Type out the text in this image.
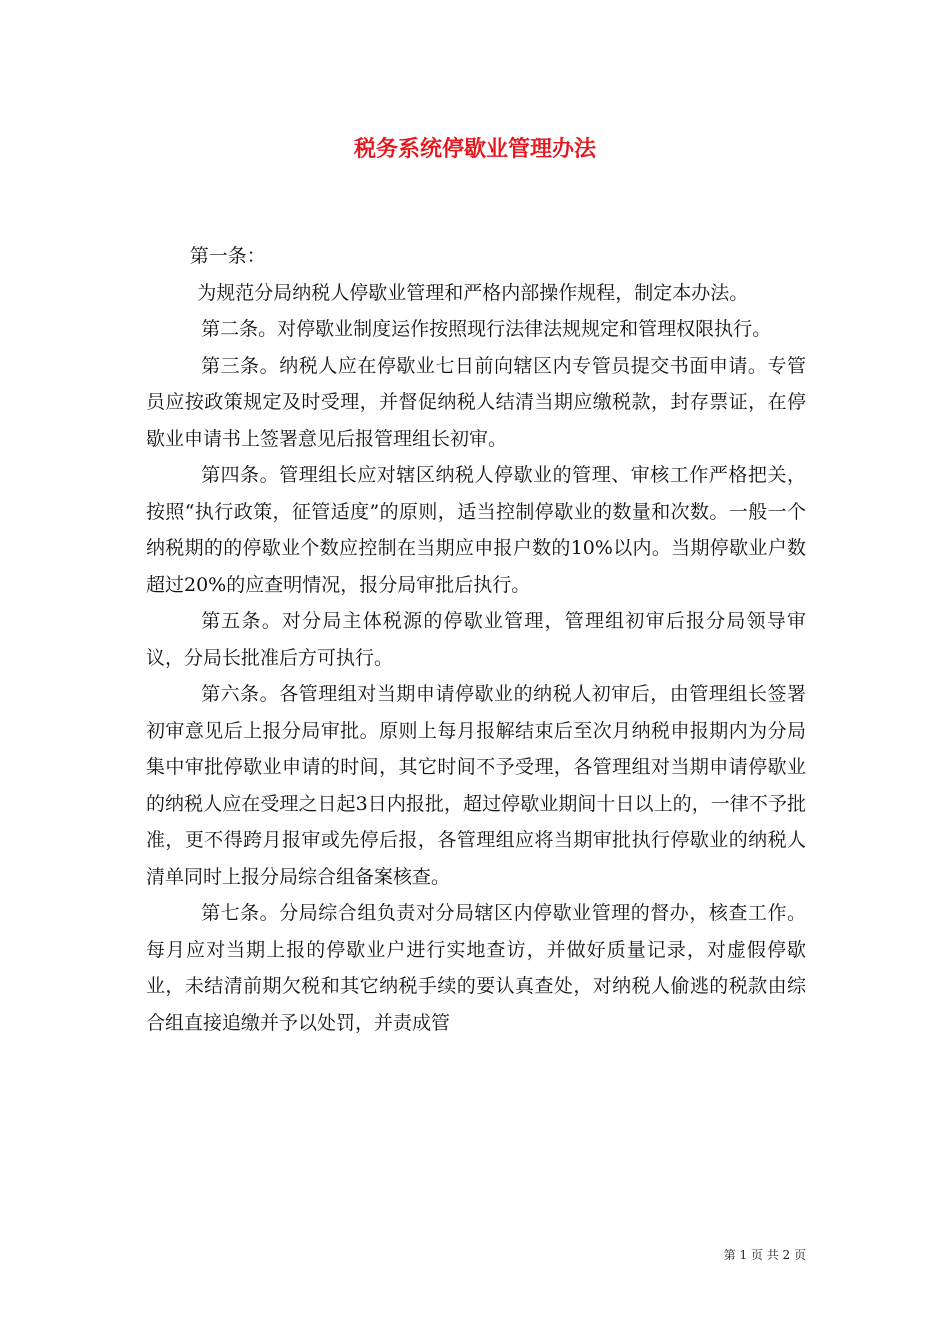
税务系统停歇业管理办法

第一条：

为规范分局纳税人停歇业管理和严格内部操作规程，制定本办法。

第二条。对停歇业制度运作按照现行法律法规规定和管理权限执行。

第三条。纳税人应在停歇业七日前向辖区内专管员提交书面申请。专管员应按政策规定及时受理，并督促纳税人结清当期应缴税款，封存票证，在停歇业申请书上签署意见后报管理组长初审。

第四条。管理组长应对辖区纳税人停歇业的管理、审核工作严格把关，按照“执行政策，征管适度”的原则，适当控制停歇业的数量和次数。一般一个纳税期的的停歇业个数应控制在当期应申报户数的10%以内。当期停歇业户数超过20%的应查明情况，报分局审批后执行。

第五条。对分局主体税源的停歇业管理，管理组初审后报分局领导审议，分局长批准后方可执行。

第六条。各管理组对当期申请停歇业的纳税人初审后，由管理组长签署初审意见后上报分局审批。原则上每月报解结束后至次月纳税申报期内为分局集中审批停歇业申请的时间，其它时间不予受理，各管理组对当期申请停歇业的纳税人应在受理之日起3日内报批，超过停歇业期间十日以上的，一律不予批准，更不得跨月报审或先停后报，各管理组应将当期审批执行停歇业的纳税人清单同时上报分局综合组备案核查。

第七条。分局综合组负责对分局辖区内停歇业管理的督办，核查工作。每月应对当期上报的停歇业户进行实地查访，并做好质量记录，对虚假停歇业，未结清前期欠税和其它纳税手续的要认真查处，对纳税人偷逃的税款由综合组直接追缴并予以处罚，并责成管

第 1 页 共 2 页
